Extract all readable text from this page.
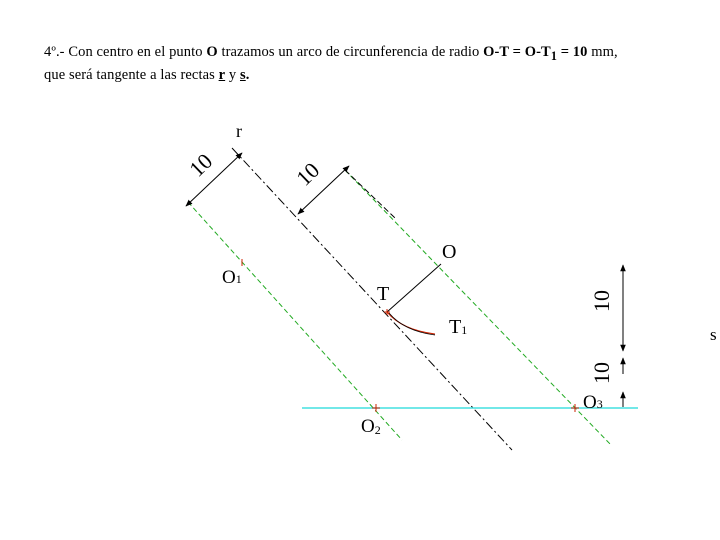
4º.- Con centro en el punto O trazamos un arco de circunferencia de radio $O-T = O-T_1 = 10$ mm,
que será tangente a las rectas r y s.
r
s
O
T
T1
O1
O2
O3
10	10
10
10
